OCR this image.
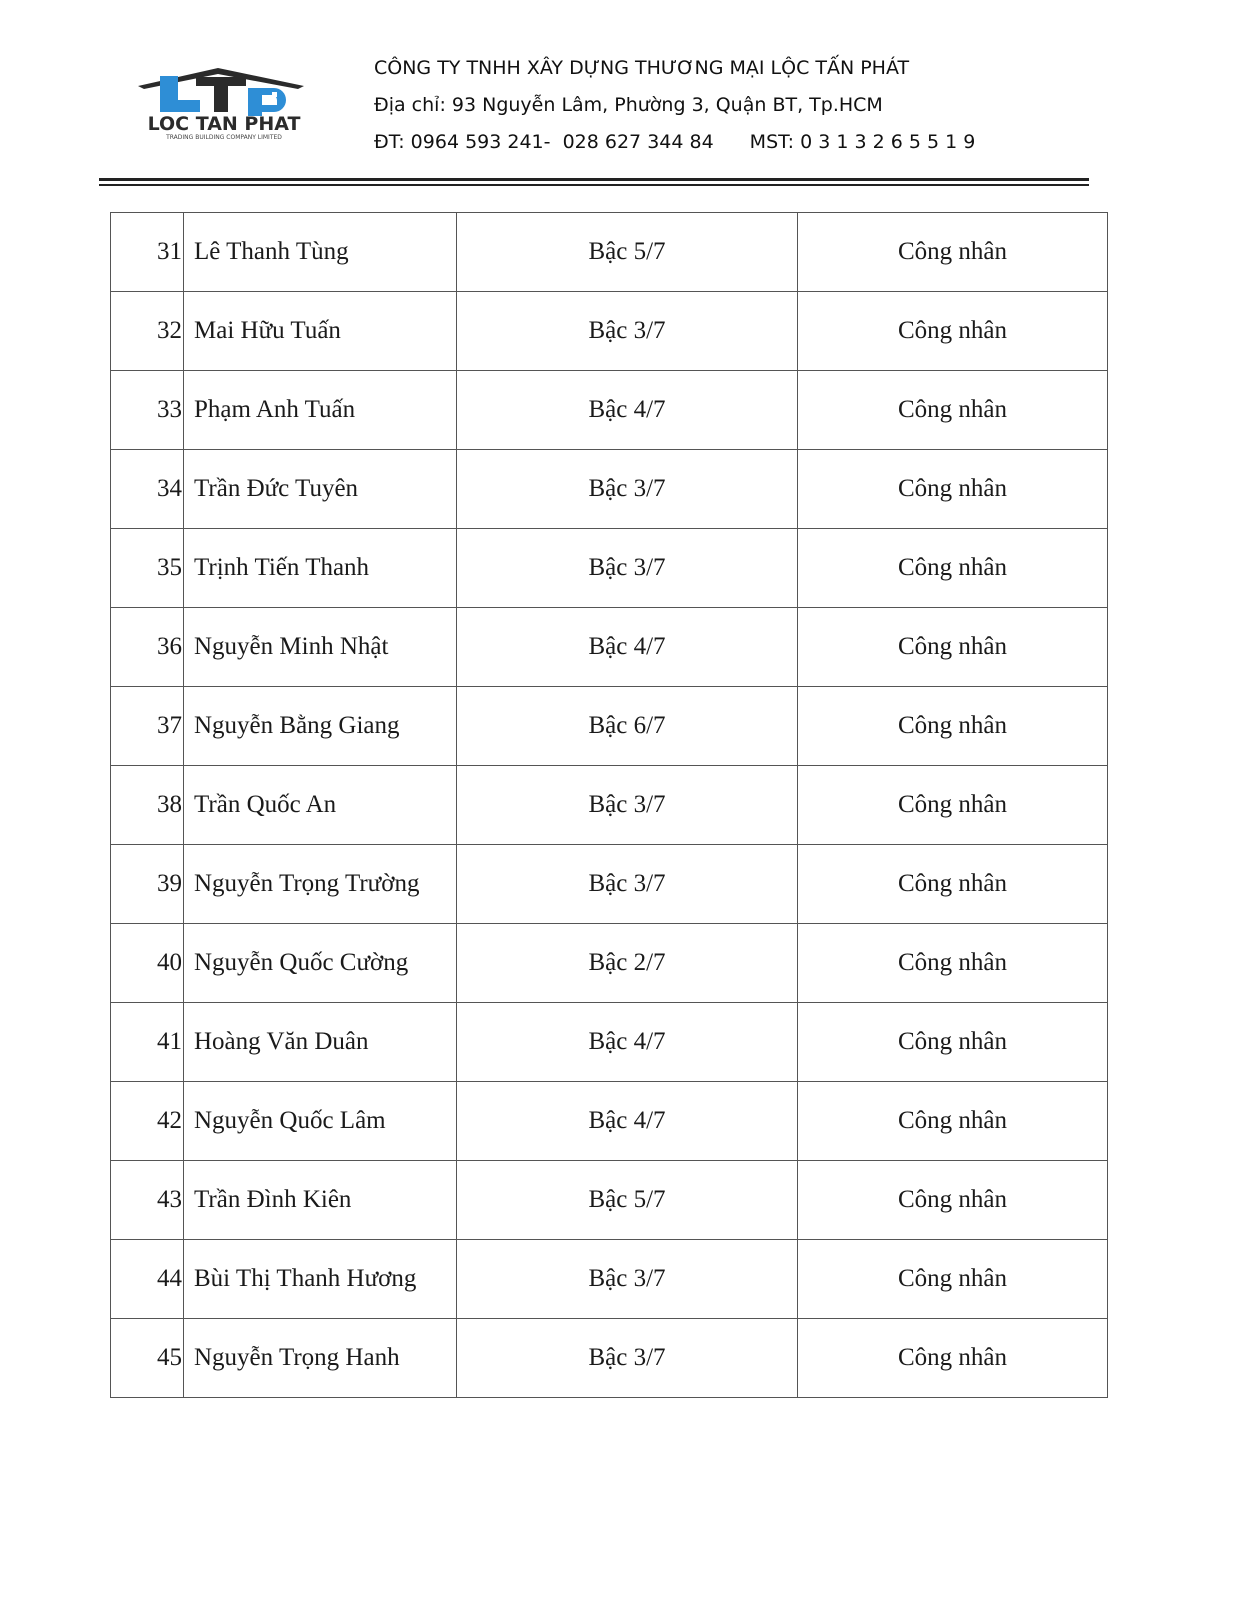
LOC TAN PHAT
TRADING BUILDING COMPANY LIMITED
CÔNG TY TNHH XÂY DỰNG THƯƠNG MẠI LỘC TẤN PHÁT
Địa chỉ: 93 Nguyễn Lâm, Phường 3, Quận BT, Tp.HCM
ĐT: 0964 593 241-  028 627 344 84 MST: 0 3 1 3 2 6 5 5 1 9
31	Lê Thanh Tùng	Bậc 5/7	Công nhân
32	Mai Hữu Tuấn	Bậc 3/7	Công nhân
33	Phạm Anh Tuấn	Bậc 4/7	Công nhân
34	Trần Đức Tuyên	Bậc 3/7	Công nhân
35	Trịnh Tiến Thanh	Bậc 3/7	Công nhân
36	Nguyễn Minh Nhật	Bậc 4/7	Công nhân
37	Nguyễn Bằng Giang	Bậc 6/7	Công nhân
38	Trần Quốc An	Bậc 3/7	Công nhân
39	Nguyễn Trọng Trường	Bậc 3/7	Công nhân
40	Nguyễn Quốc Cường	Bậc 2/7	Công nhân
41	Hoàng Văn Duân	Bậc 4/7	Công nhân
42	Nguyễn Quốc Lâm	Bậc 4/7	Công nhân
43	Trần Đình Kiên	Bậc 5/7	Công nhân
44	Bùi Thị Thanh Hương	Bậc 3/7	Công nhân
45	Nguyễn Trọng Hanh	Bậc 3/7	Công nhân
